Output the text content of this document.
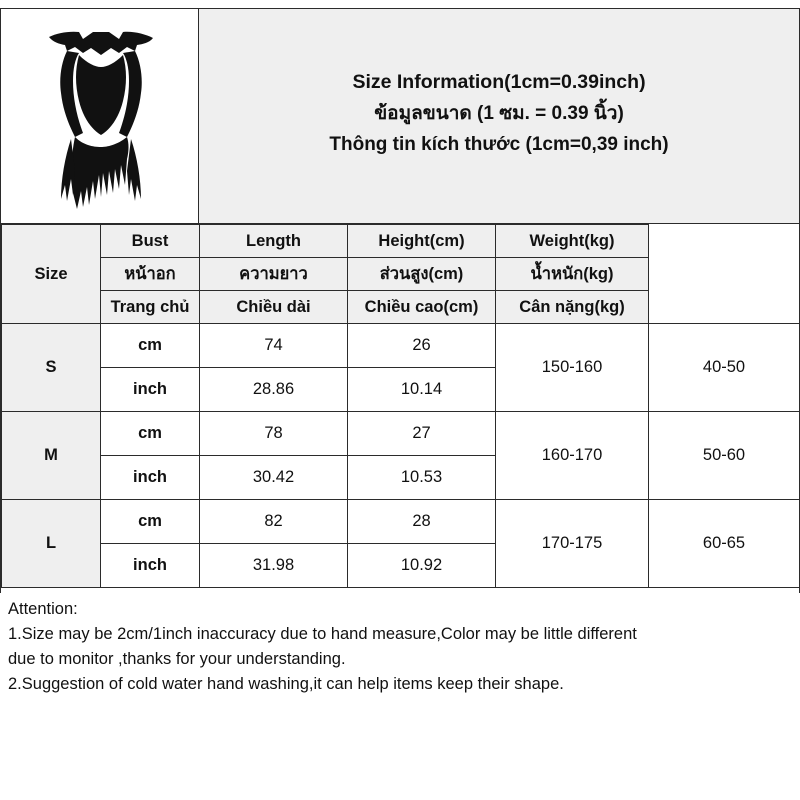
Size Information(1cm=0.39inch)
ข้อมูลขนาด (1 ซม. = 0.39 นิ้ว)
Thông tin kích thước (1cm=0,39 inch)
Size	Bust	Length	Height(cm)	Weight(kg)	
	หน้าอก	ความยาว	ส่วนสูง(cm)	น้ำหนัก(kg)	
	Trang chủ	Chiều dài	Chiều cao(cm)	Cân nặng(kg)	
S	cm	74	26	150-160	40-50
	inch	28.86	10.14		
M	cm	78	27	160-170	50-60
	inch	30.42	10.53		
L	cm	82	28	170-175	60-65
	inch	31.98	10.92		
Attention:
1.Size may be 2cm/1inch inaccuracy due to hand measure,Color may be little different
due to monitor ,thanks for your understanding.
2.Suggestion of cold water hand washing,it can help items keep their shape.
